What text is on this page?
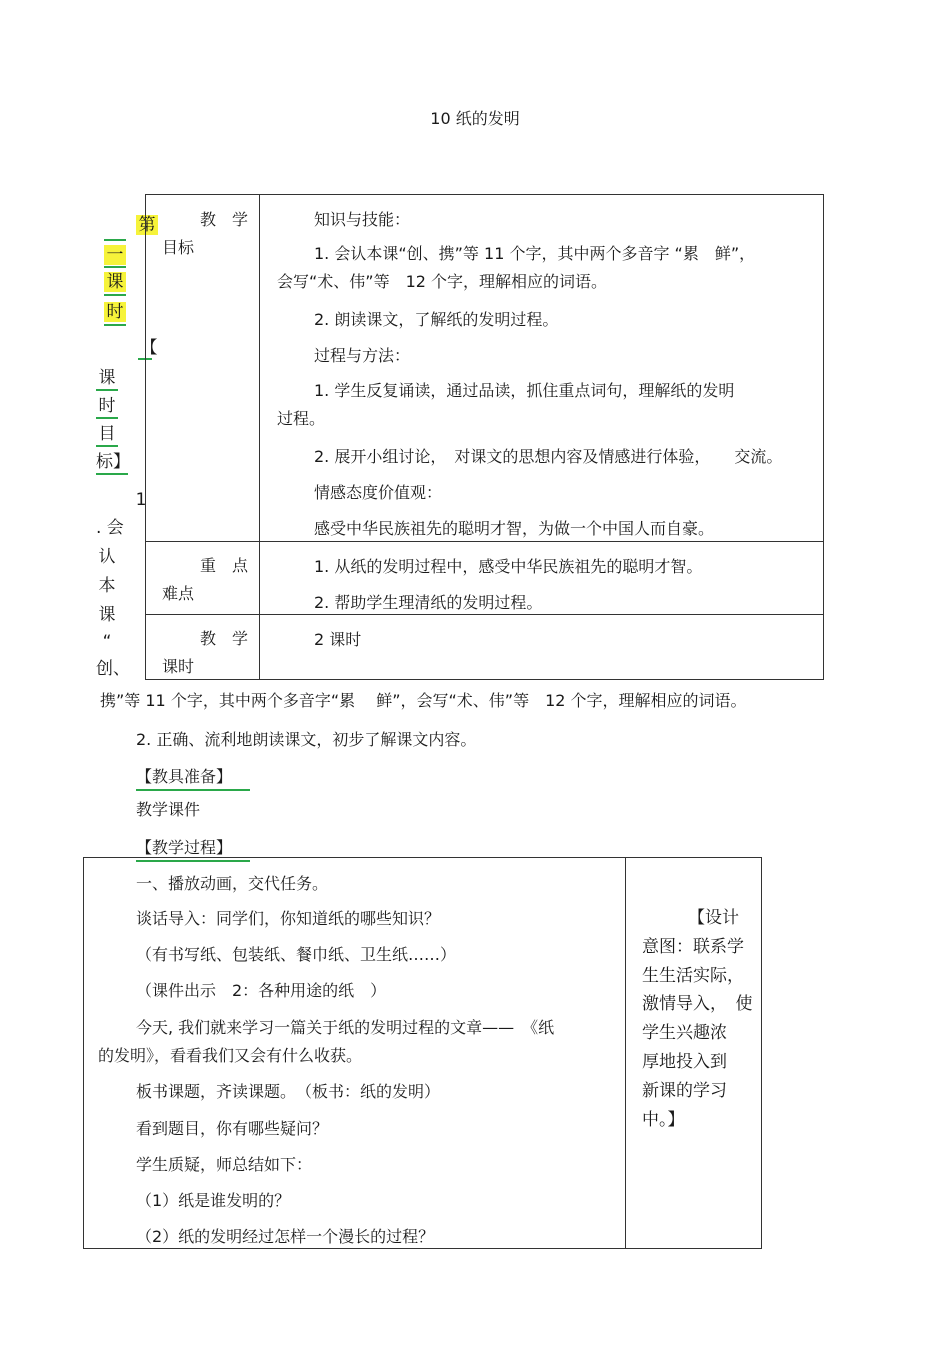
10 纸的发明
第
一
课
时
【
课
时
目
标】
1
. 会
认
本
课
“
创、
教　学
目标
知识与技能：
1. 会认本课“创、携”等 11 个字，其中两个多音字 “累　鲜”，
会写“术、伟”等　12 个字，理解相应的词语。
2. 朗读课文，了解纸的发明过程。
过程与方法：
1. 学生反复诵读，通过品读，抓住重点词句，理解纸的发明
过程。
2. 展开小组讨论，　对课文的思想内容及情感进行体验，　　交流。
情感态度价值观：
感受中华民族祖先的聪明才智，为做一个中国人而自豪。
重　点
难点
1. 从纸的发明过程中，感受中华民族祖先的聪明才智。
2. 帮助学生理清纸的发明过程。
教　学
课时
2 课时
携”等 11 个字，其中两个多音字“累　 鲜”，会写“术、伟”等　12 个字，理解相应的词语。
2. 正确、流利地朗读课文，初步了解课文内容。
【教具准备】
教学课件
【教学过程】
一、播放动画，交代任务。
谈话导入：同学们，你知道纸的哪些知识？
（有书写纸、包装纸、餐巾纸、卫生纸……）
（课件出示　2：各种用途的纸　）
今天, 我们就来学习一篇关于纸的发明过程的文章——　《纸
的发明》，看看我们又会有什么收获。
板书课题，齐读课题。　（板书：纸的发明）
看到题目，你有哪些疑问？
学生质疑，师总结如下：
（1）纸是谁发明的？
（2）纸的发明经过怎样一个漫长的过程？
【设计
意图：联系学
生生活实际，
激情导入，　使
学生兴趣浓
厚地投入到
新课的学习
中。】
